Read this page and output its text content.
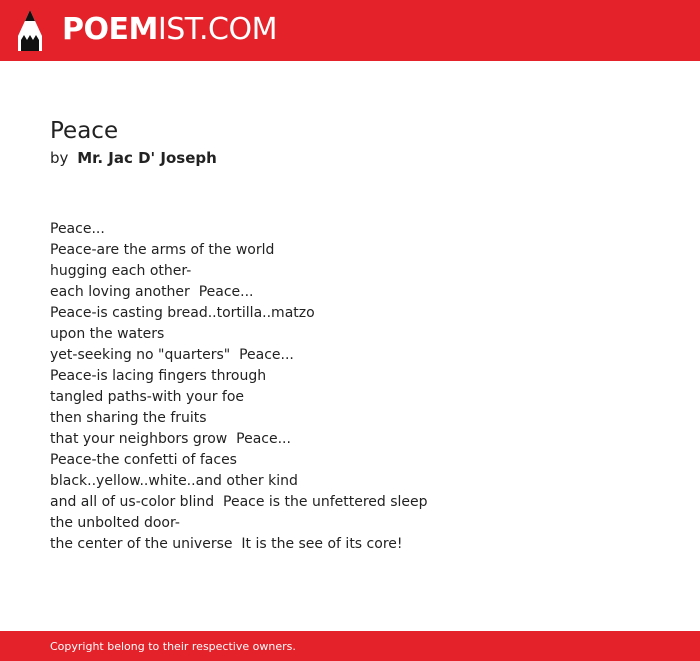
POEMIST.COM
Peace
by Mr. Jac D' Joseph
Peace...
Peace-are the arms of the world
hugging each other-
each loving another  Peace...
Peace-is casting bread..tortilla..matzo
upon the waters
yet-seeking no "quarters"  Peace...
Peace-is lacing fingers through
tangled paths-with your foe
then sharing the fruits
that your neighbors grow  Peace...
Peace-the confetti of faces
black..yellow..white..and other kind
and all of us-color blind  Peace is the unfettered sleep
the unbolted door-
the center of the universe  It is the see of its core!
Copyright belong to their respective owners.
